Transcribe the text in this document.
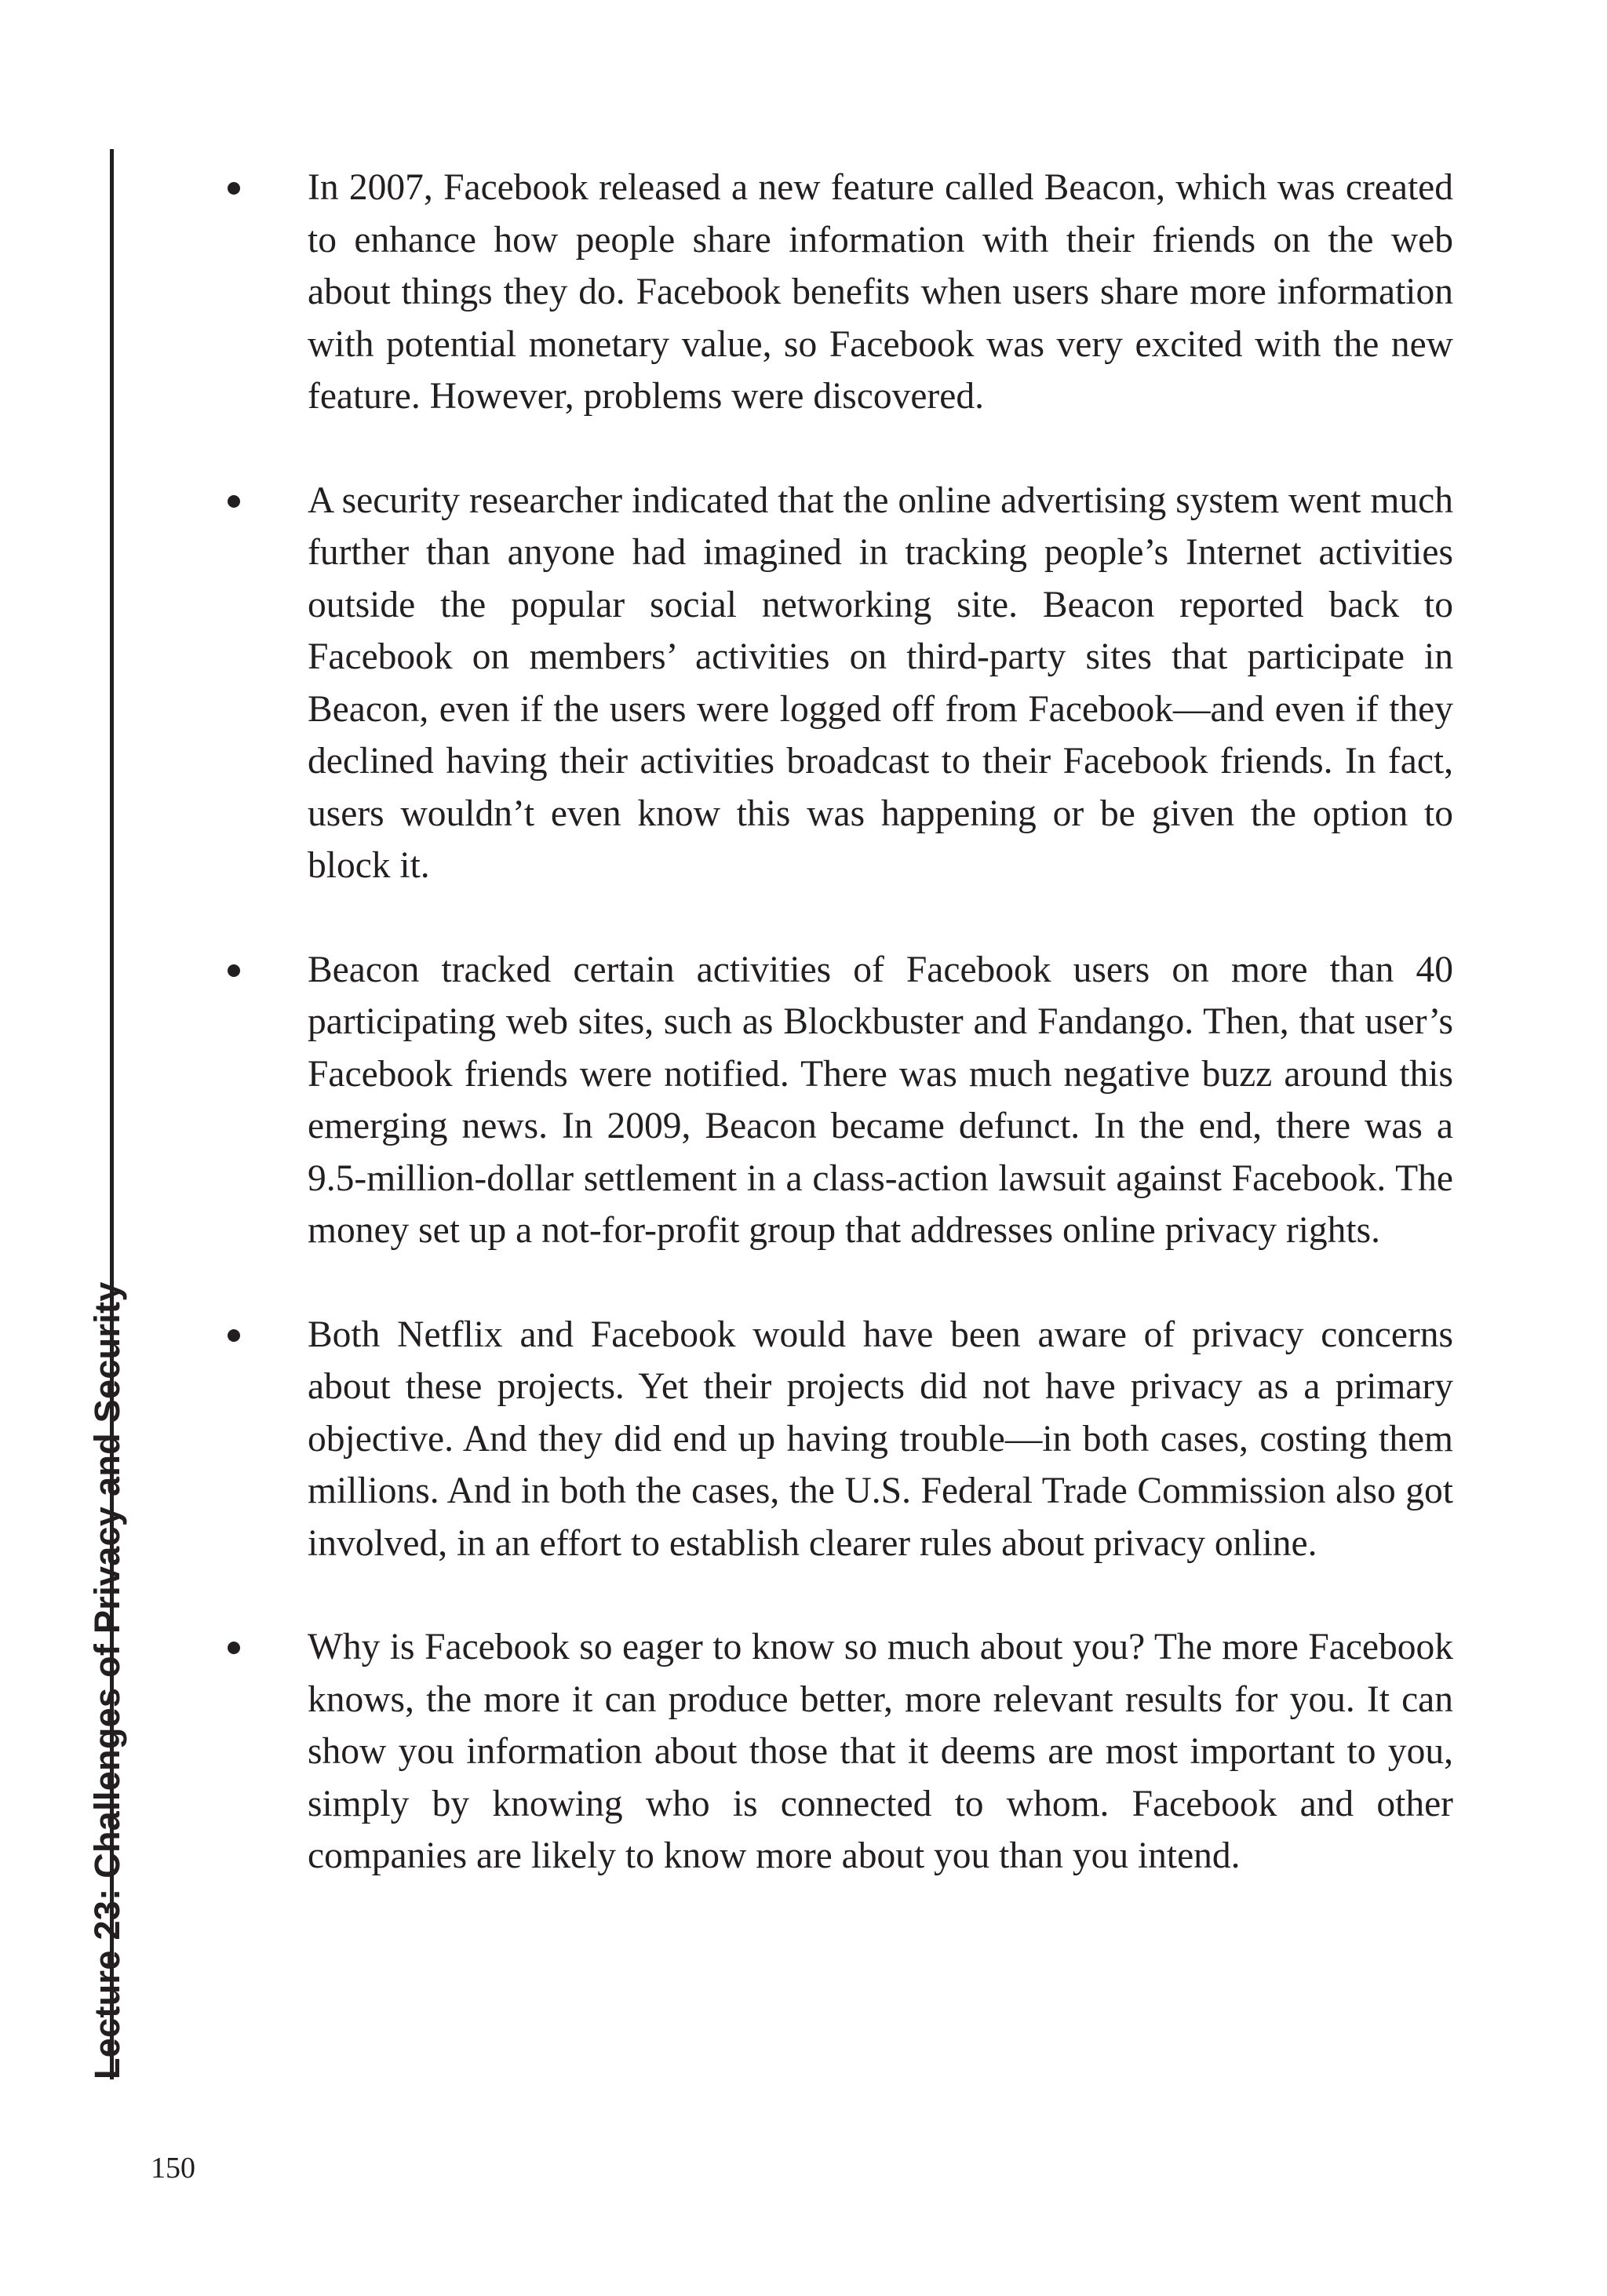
Lecture 23: Challenges of Privacy and Security
In 2007, Facebook released a new feature called Beacon, which was created to enhance how people share information with their friends on the web about things they do. Facebook benefits when users share more information with potential monetary value, so Facebook was very excited with the new feature. However, problems were discovered.
A security researcher indicated that the online advertising system went much further than anyone had imagined in tracking people’s Internet activities outside the popular social networking site. Beacon reported back to Facebook on members’ activities on third-party sites that participate in Beacon, even if the users were logged off from Facebook—and even if they declined having their activities broadcast to their Facebook friends. In fact, users wouldn’t even know this was happening or be given the option to block it.
Beacon tracked certain activities of Facebook users on more than 40 participating web sites, such as Blockbuster and Fandango. Then, that user’s Facebook friends were notified. There was much negative buzz around this emerging news. In 2009, Beacon became defunct. In the end, there was a 9.5-million-dollar settlement in a class-action lawsuit against Facebook. The money set up a not-for-profit group that addresses online privacy rights.
Both Netflix and Facebook would have been aware of privacy concerns about these projects. Yet their projects did not have privacy as a primary objective. And they did end up having trouble—in both cases, costing them millions. And in both the cases, the U.S. Federal Trade Commission also got involved, in an effort to establish clearer rules about privacy online.
Why is Facebook so eager to know so much about you? The more Facebook knows, the more it can produce better, more relevant results for you. It can show you information about those that it deems are most important to you, simply by knowing who is connected to whom. Facebook and other companies are likely to know more about you than you intend.
150
